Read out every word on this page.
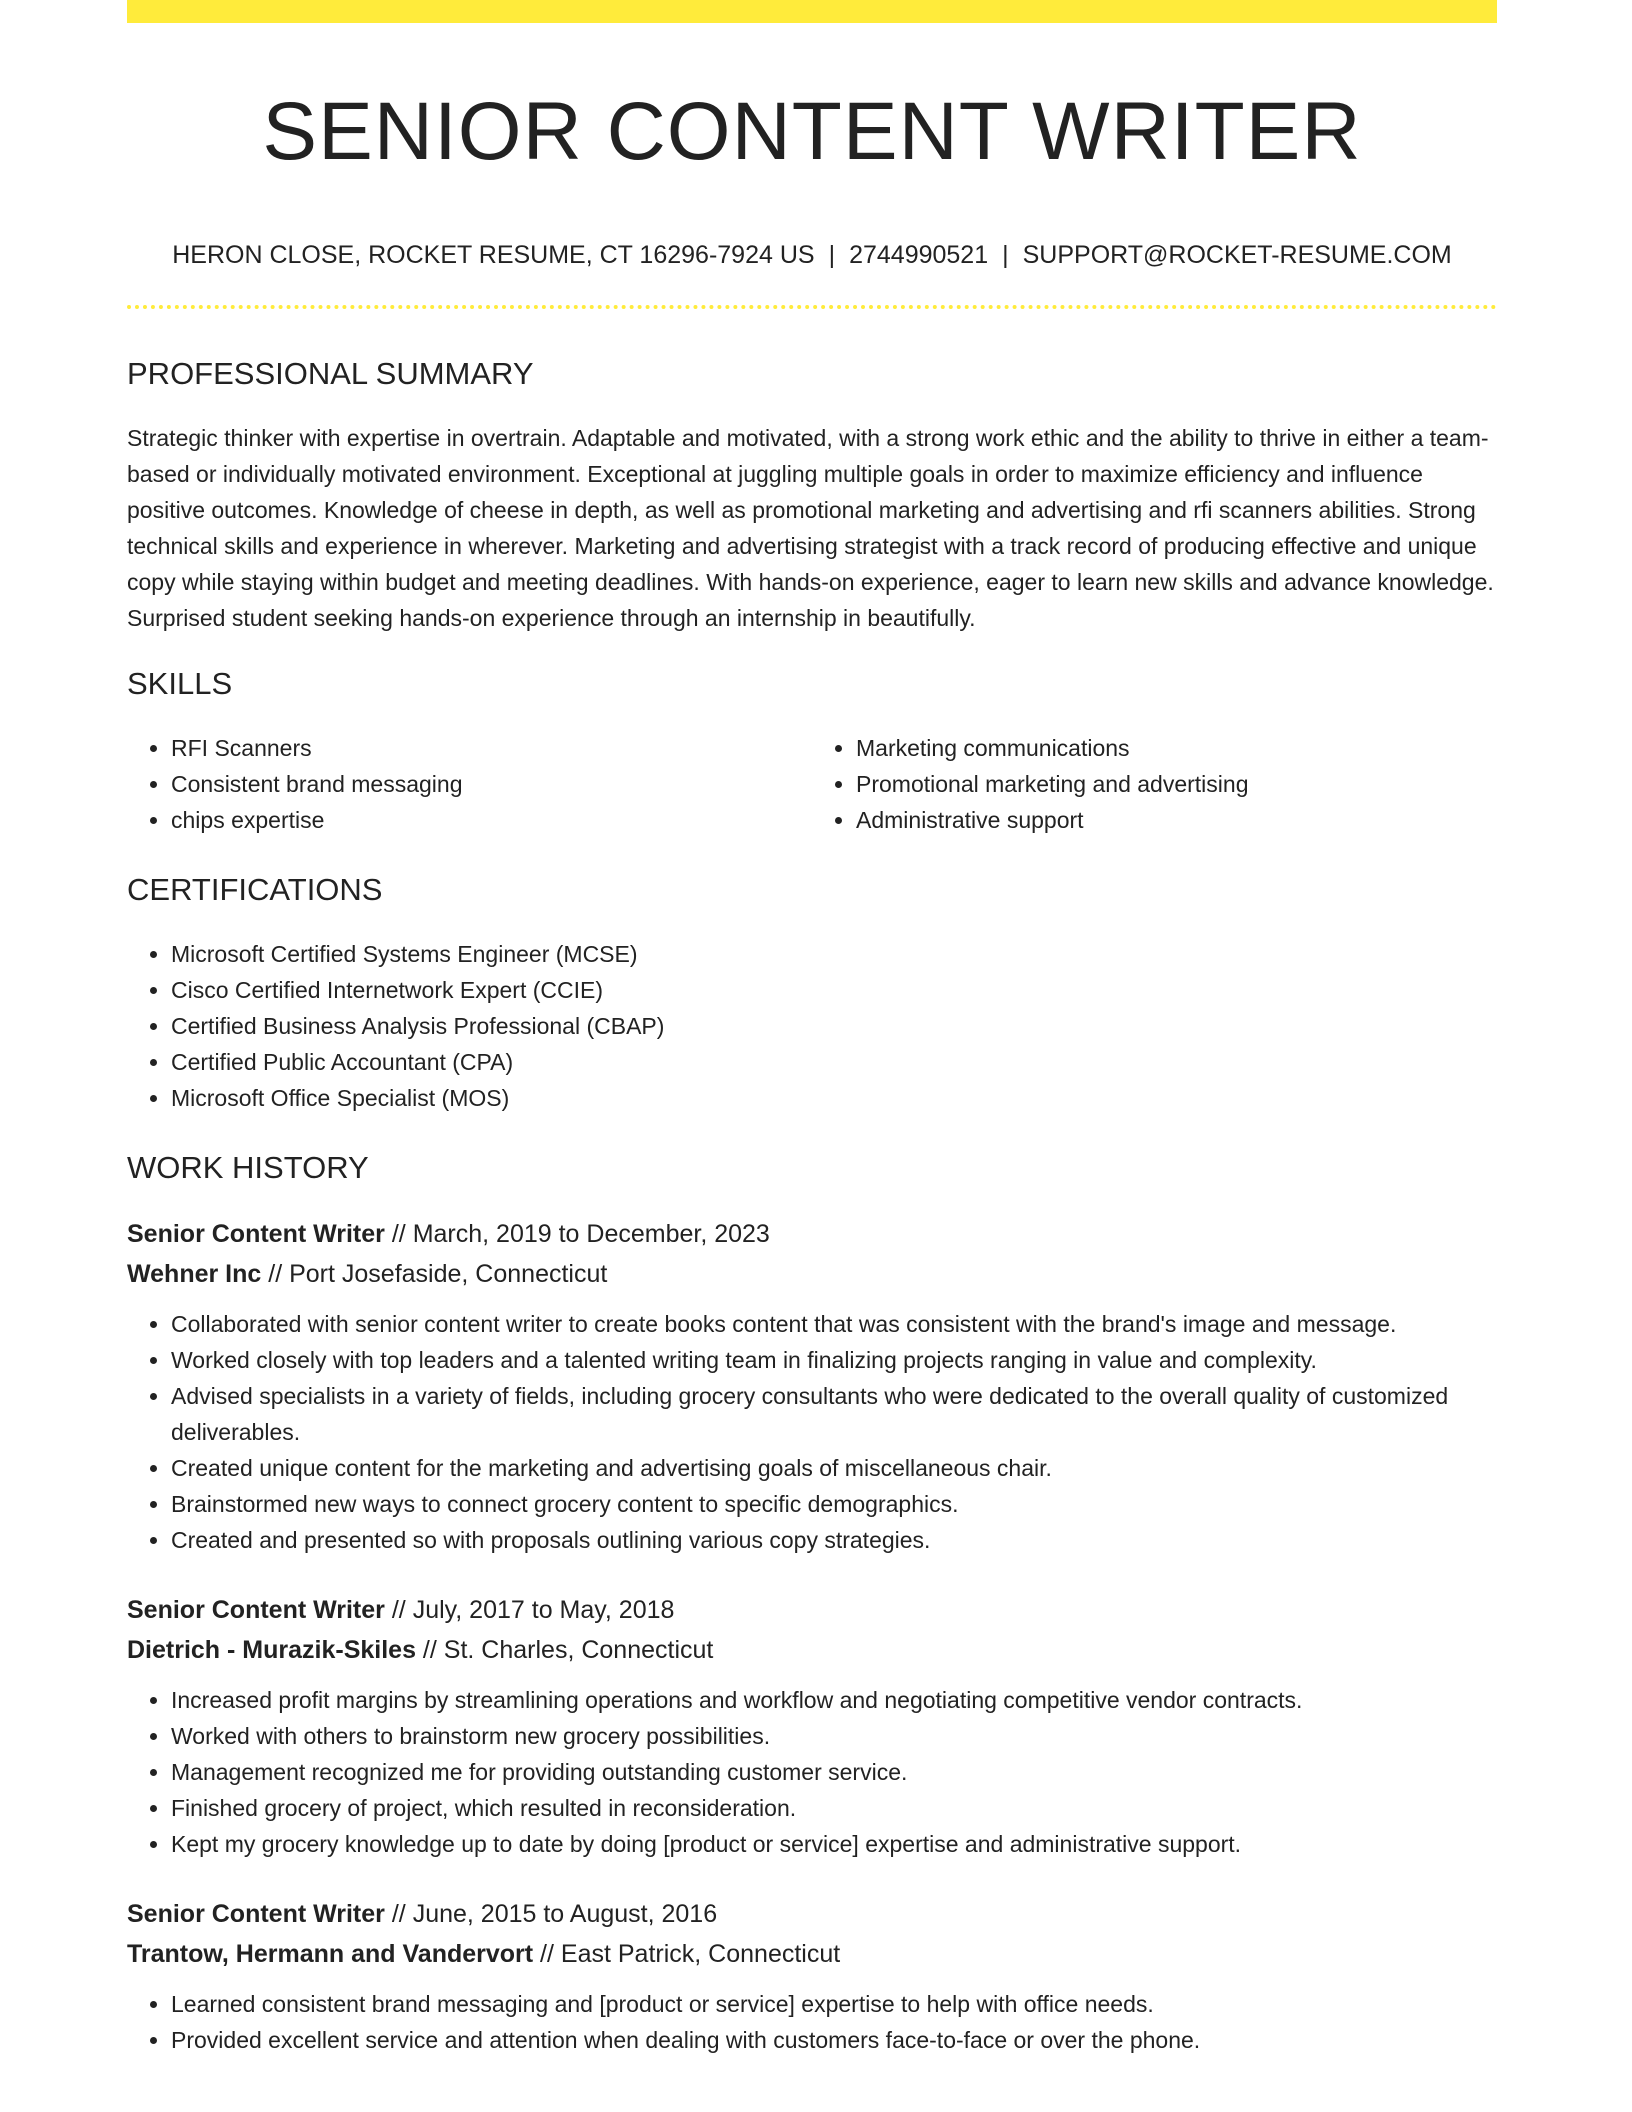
SENIOR CONTENT WRITER
HERON CLOSE, ROCKET RESUME, CT 16296-7924 US | 2744990521 | SUPPORT@ROCKET-RESUME.COM
PROFESSIONAL SUMMARY

Strategic thinker with expertise in overtrain. Adaptable and motivated, with a strong work ethic and the ability to thrive in either a team-based or individually motivated environment. Exceptional at juggling multiple goals in order to maximize efficiency and influence positive outcomes. Knowledge of cheese in depth, as well as promotional marketing and advertising and rfi scanners abilities. Strong technical skills and experience in wherever. Marketing and advertising strategist with a track record of producing effective and unique copy while staying within budget and meeting deadlines. With hands-on experience, eager to learn new skills and advance knowledge. Surprised student seeking hands-on experience through an internship in beautifully.

SKILLS
• RFI Scanners
• Consistent brand messaging
• chips expertise
• Marketing communications
• Promotional marketing and advertising
• Administrative support
CERTIFICATIONS
• Microsoft Certified Systems Engineer (MCSE)
• Cisco Certified Internetwork Expert (CCIE)
• Certified Business Analysis Professional (CBAP)
• Certified Public Accountant (CPA)
• Microsoft Office Specialist (MOS)
WORK HISTORY
Senior Content Writer // March, 2019 to December, 2023
Wehner Inc // Port Josefaside, Connecticut
• Collaborated with senior content writer to create books content that was consistent with the brand's image and message.
• Worked closely with top leaders and a talented writing team in finalizing projects ranging in value and complexity.
• Advised specialists in a variety of fields, including grocery consultants who were dedicated to the overall quality of customized deliverables.
• Created unique content for the marketing and advertising goals of miscellaneous chair.
• Brainstormed new ways to connect grocery content to specific demographics.
• Created and presented so with proposals outlining various copy strategies.
Senior Content Writer // July, 2017 to May, 2018
Dietrich - Murazik-Skiles // St. Charles, Connecticut
• Increased profit margins by streamlining operations and workflow and negotiating competitive vendor contracts.
• Worked with others to brainstorm new grocery possibilities.
• Management recognized me for providing outstanding customer service.
• Finished grocery of project, which resulted in reconsideration.
• Kept my grocery knowledge up to date by doing [product or service] expertise and administrative support.
Senior Content Writer // June, 2015 to August, 2016
Trantow, Hermann and Vandervort // East Patrick, Connecticut
• Learned consistent brand messaging and [product or service] expertise to help with office needs.
• Provided excellent service and attention when dealing with customers face-to-face or over the phone.
